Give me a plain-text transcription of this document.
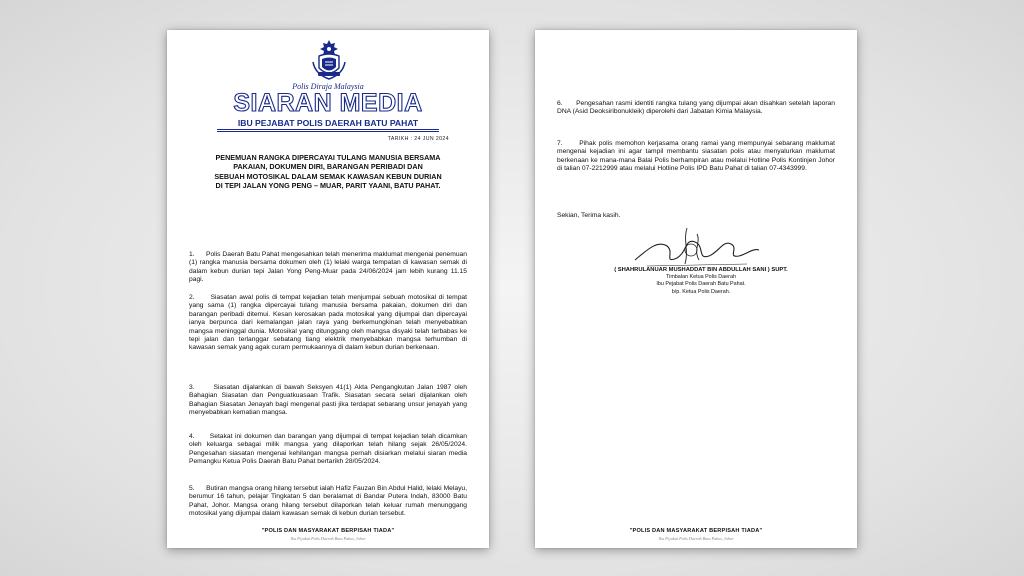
Polis Diraja Malaysia
SIARAN MEDIA
IBU PEJABAT POLIS DAERAH BATU PAHAT
TARIKH : 24 JUN 2024
PENEMUAN RANGKA DIPERCAYAI TULANG MANUSIA BERSAMA
PAKAIAN, DOKUMEN DIRI, BARANGAN PERIBADI DAN
SEBUAH MOTOSIKAL DALAM SEMAK KAWASAN KEBUN DURIAN
DI TEPI JALAN YONG PENG – MUAR, PARIT YAANI, BATU PAHAT.
1. Polis Daerah Batu Pahat mengesahkan telah menerima maklumat mengenai penemuan (1) rangka manusia bersama dokumen oleh (1) lelaki warga tempatan di kawasan semak di dalam kebun durian tepi Jalan Yong Peng-Muar pada 24/06/2024 jam lebih kurang 11.15 pagi.
2. Siasatan awal polis di tempat kejadian telah menjumpai sebuah motosikal di tempat yang sama (1) rangka dipercayai tulang manusia bersama pakaian, dokumen diri dan barangan peribadi ditemui. Kesan kerosakan pada motosikal yang dijumpai dan dipercayai ianya berpunca dari kemalangan jalan raya yang berkemungkinan telah menyebabkan mangsa meninggal dunia. Motosikal yang ditunggang oleh mangsa disyaki telah terbabas ke tepi jalan dan terlanggar sebatang tiang elektrik menyebabkan mangsa terhumban di kawasan semak yang agak curam permukaannya di dalam kebun durian berkenaan.
3.	Siasatan dijalankan di bawah Seksyen 41(1) Akta Pengangkutan Jalan 1987 oleh Bahagian Siasatan dan Penguatkuasaan Trafik. Siasatan secara selari dijalankan oleh Bahagian Siasatan Jenayah bagi mengenal pasti jika terdapat sebarang unsur jenayah yang menyebabkan kematian mangsa.
4. Setakat ini dokumen dan barangan yang dijumpai di tempat kejadian telah dicamkan oleh keluarga sebagai milik mangsa yang dilaporkan telah hilang sejak 26/05/2024. Pengesahan siasatan mengenai kehilangan mangsa pernah disiarkan melalui siaran media Pemangku Ketua Polis Daerah Batu Pahat bertarikh 28/05/2024.
5. Butiran mangsa orang hilang tersebut ialah Hafiz Fauzan Bin Abdul Halid, lelaki Melayu, berumur 16 tahun, pelajar Tingkatan 5 dan beralamat di Bandar Putera Indah, 83000 Batu Pahat, Johor. Mangsa orang hilang tersebut dilaporkan telah keluar rumah menunggang motosikal yang dijumpai dalam kawasan semak di kebun durian tersebut.
"POLIS DAN MASYARAKAT BERPISAH TIADA"
Ibu Pejabat Polis Daerah Batu Pahat, Johor
6. Pengesahan rasmi identiti rangka tulang yang dijumpai akan disahkan setelah laporan DNA (Asid Deoksiribonukleik) diperolehi dari Jabatan Kimia Malaysia.
7. Pihak polis memohon kerjasama orang ramai yang mempunyai sebarang maklumat mengenai kejadian ini agar tampil membantu siasatan polis atau menyalurkan maklumat berkenaan ke mana-mana Balai Polis berhampiran atau melalui Hotline Polis Kontinjen Johor di talian 07-2212999 atau melalui Hotline Polis IPD Batu Pahat di talian 07-4343999.
Sekian, Terima kasih.
( SHAHRULANUAR MUSHADDAT BIN ABDULLAH SANI ) SUPT.
Timbalan Ketua Polis Daerah
Ibu Pejabat Polis Daerah Batu Pahat.
b/p. Ketua Polis Daerah.
"POLIS DAN MASYARAKAT BERPISAH TIADA"
Ibu Pejabat Polis Daerah Batu Pahat, Johor
